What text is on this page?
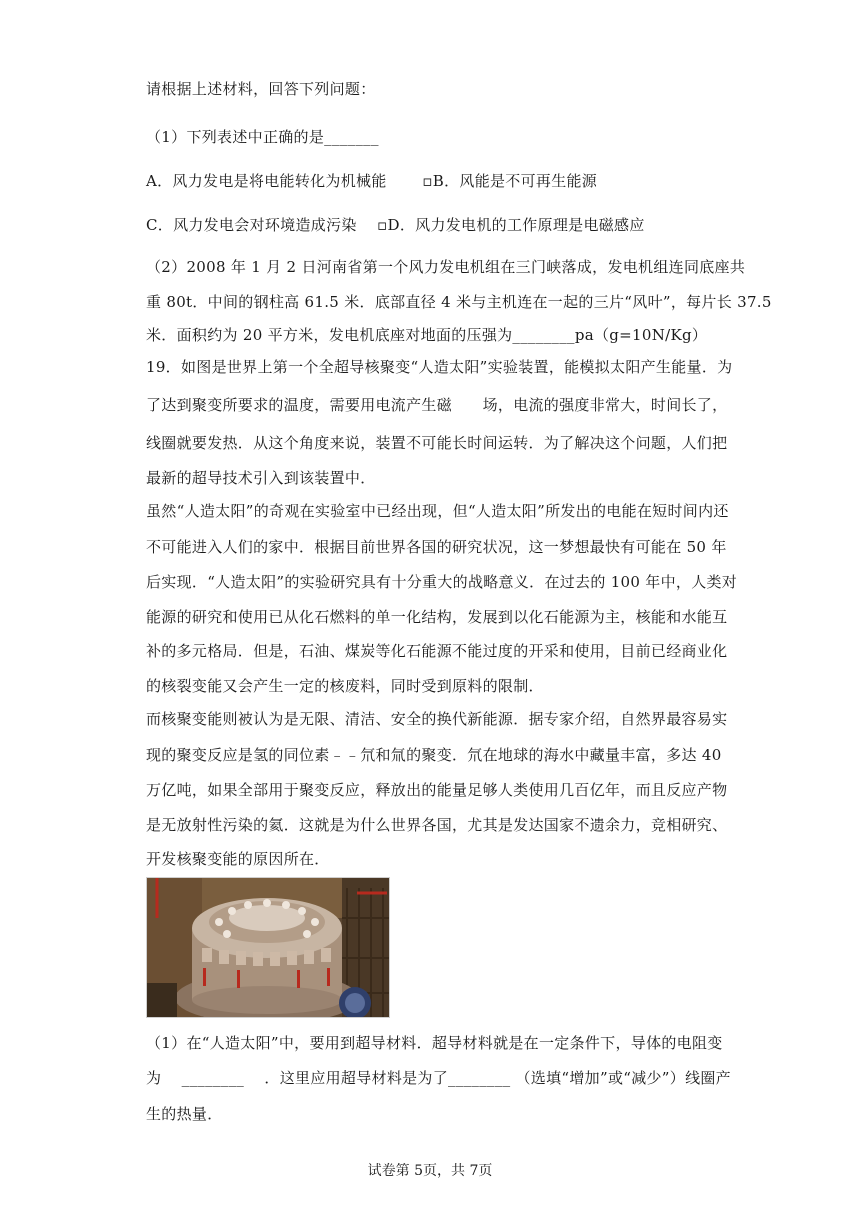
请根据上述材料，回答下列问题：
（1）下列表述中正确的是_______
A．风力发电是将电能转化为机械能　　 ▫B．风能是不可再生能源
C．风力发电会对环境造成污染　 ▫D．风力发电机的工作原理是电磁感应
（2）2008 年 1 月 2 日河南省第一个风力发电机组在三门峡落成，发电机组连同底座共
重 80t．中间的钢柱高 61.5 米．底部直径 4 米与主机连在一起的三片“风叶”，每片长 37.5
米．面积约为 20 平方米，发电机底座对地面的压强为________pa（g=10N/Kg）
19．如图是世界上第一个全超导核聚变“人造太阳”实验装置，能模拟太阳产生能量．为
了达到聚变所要求的温度，需要用电流产生磁　　场，电流的强度非常大，时间长了，
线圈就要发热．从这个角度来说，装置不可能长时间运转．为了解决这个问题，人们把
最新的超导技术引入到该装置中．
虽然“人造太阳”的奇观在实验室中已经出现，但“人造太阳”所发出的电能在短时间内还
不可能进入人们的家中．根据目前世界各国的研究状况，这一梦想最快有可能在 50 年
后实现．“人造太阳”的实验研究具有十分重大的战略意义．在过去的 100 年中，人类对
能源的研究和使用已从化石燃料的单一化结构，发展到以化石能源为主，核能和水能互
补的多元格局．但是，石油、煤炭等化石能源不能过度的开采和使用，目前已经商业化
的核裂变能又会产生一定的核废料，同时受到原料的限制．
而核聚变能则被认为是无限、清洁、安全的换代新能源．据专家介绍，自然界最容易实
现的聚变反应是氢的同位素﹣﹣氘和氚的聚变．氘在地球的海水中藏量丰富，多达 40
万亿吨，如果全部用于聚变反应，释放出的能量足够人类使用几百亿年，而且反应产物
是无放射性污染的氦．这就是为什么世界各国，尤其是发达国家不遗余力，竞相研究、
开发核聚变能的原因所在．
（1）在“人造太阳”中，要用到超导材料．超导材料就是在一定条件下，导体的电阻变
为　 ________　 ．这里应用超导材料是为了________ （选填“增加”或“减少”）线圈产
生的热量．
试卷第 5页，共 7页
